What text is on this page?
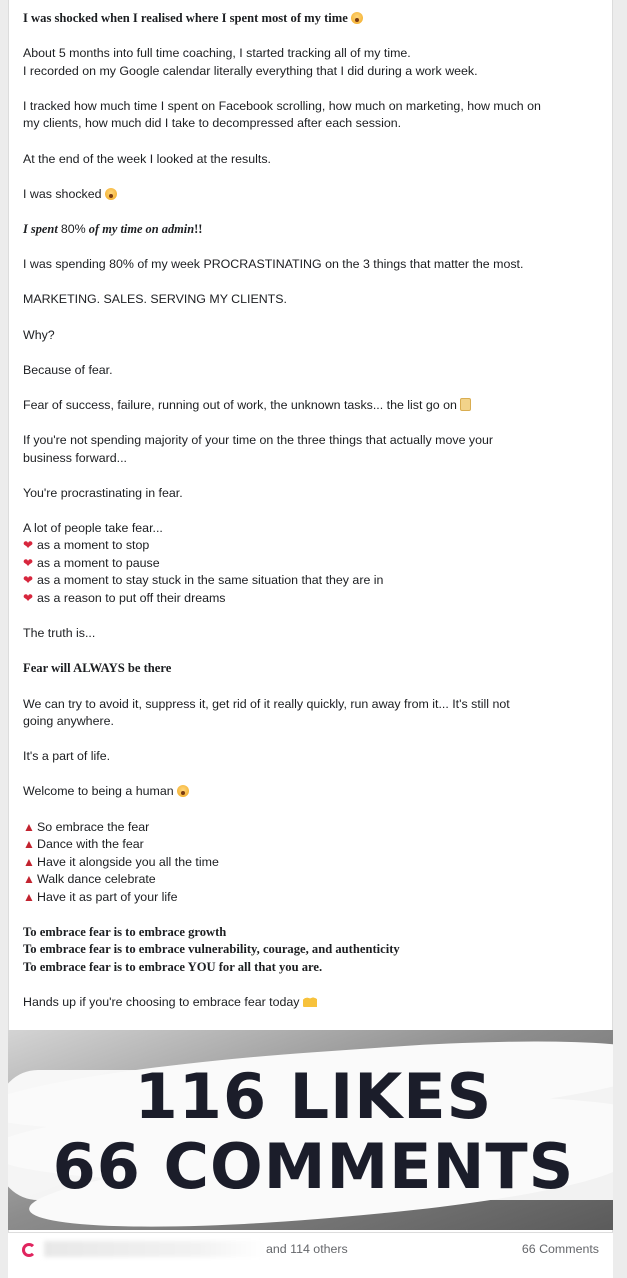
I was shocked when I realised where I spent most of my time
About 5 months into full time coaching, I started tracking all of my time.
I recorded on my Google calendar literally everything that I did during a work week.
I tracked how much time I spent on Facebook scrolling, how much on marketing, how much on
my clients, how much did I take to decompressed after each session.
At the end of the week I looked at the results.
I was shocked
I spent 80% of my time on admin!!
I was spending 80% of my week PROCRASTINATING on the 3 things that matter the most.
MARKETING. SALES. SERVING MY CLIENTS.
Why?
Because of fear.
Fear of success, failure, running out of work, the unknown tasks... the list go on
If you're not spending majority of your time on the three things that actually move your
business forward...
You're procrastinating in fear.
A lot of people take fear...
❤ as a moment to stop
❤ as a moment to pause
❤ as a moment to stay stuck in the same situation that they are in
❤ as a reason to put off their dreams
The truth is...
Fear will ALWAYS be there
We can try to avoid it, suppress it, get rid of it really quickly, run away from it... It's still not
going anywhere.
It's a part of life.
Welcome to being a human
▲ So embrace the fear
▲ Dance with the fear
▲ Have it alongside you all the time
▲ Walk dance celebrate
▲ Have it as part of your life
To embrace fear is to embrace growth
To embrace fear is to embrace vulnerability, courage, and authenticity
To embrace fear is to embrace YOU for all that you are.
Hands up if you're choosing to embrace fear today
116 LIKES
66 COMMENTS
and 114 others	66 Comments
